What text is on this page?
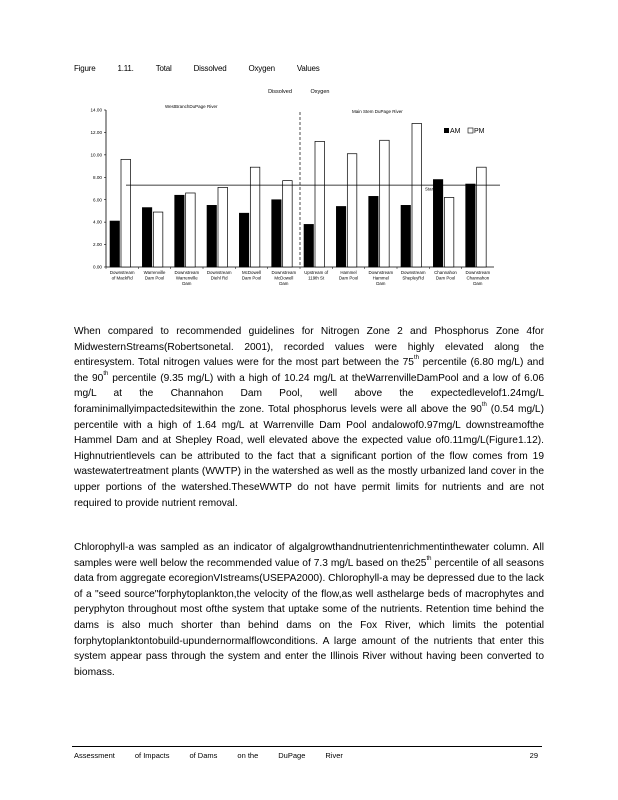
Figure	1.11.	Total	Dissolved	Oxygen	Values
Dissolved	Oxygen
WestBranchDuPage River
Main Stem DuPage River
0.00
2.00
4.00
6.00
8.00
10.00
12.00
14.00
Downstream
of MackRd
Warrenville
Dam Pool
Downstream
Warrenville
Dam
Downstream
Diehl Rd
McDowell
Dam Pool
Downstream
McDowell
Dam
Upstream of
119th St
Hammel
Dam Pool
Downstream
Hammel
Dam
Downstream
ShepleyRd
Channahon
Dam Pool
Downstream
Channahon
Dam
Standard
AM PM
When compared to recommended guidelines for Nitrogen Zone 2 and Phosphorus Zone 4for MidwesternStreams(Robertsonetal. 2001), recorded values were highly elevated along the entiresystem. Total nitrogen values were for the most part between the 75th percentile (6.80 mg/L) and the 90th percentile (9.35 mg/L) with a high of 10.24 mg/L at theWarrenvilleDamPool and a low of 6.06 mg/L at the Channahon Dam Pool, well above the expectedlevelof1.24mg/L foraminimallyimpactedsitewithin the zone. Total phosphorus levels were all above the 90th (0.54 mg/L) percentile with a high of 1.64 mg/L at Warrenville Dam Pool andalowof0.97mg/L downstreamofthe Hammel Dam and at Shepley Road, well elevated above the expected value of0.11mg/L(Figure1.12). Highnutrientlevels can be attributed to the fact that a significant portion of the flow comes from 19 wastewatertreatment plants (WWTP) in the watershed as well as the mostly urbanized land cover in the upper portions of the watershed.TheseWWTP do not have permit limits for nutrients and are not required to provide nutrient removal.
Chlorophyll-a was sampled as an indicator of algalgrowthandnutrientenrichmentinthewater column. All samples were well below the recommended value of 7.3 mg/L based on the25th percentile of all seasons data from aggregate ecoregionVIstreams(USEPA2000). Chlorophyll-a may be depressed due to the lack of a "seed source"forphytoplankton,the velocity of the flow,as well asthelarge beds of macrophytes and peryphyton throughout most ofthe system that uptake some of the nutrients. Retention time behind the dams is also much shorter than behind dams on the Fox River, which limits the potential forphytoplanktontobuild-upundernormalflowconditions. A large amount of the nutrients that enter this system appear pass through the system and enter the Illinois River without having been converted to biomass.
Assessment	of Impacts	of Dams	on the	DuPage	River	29
